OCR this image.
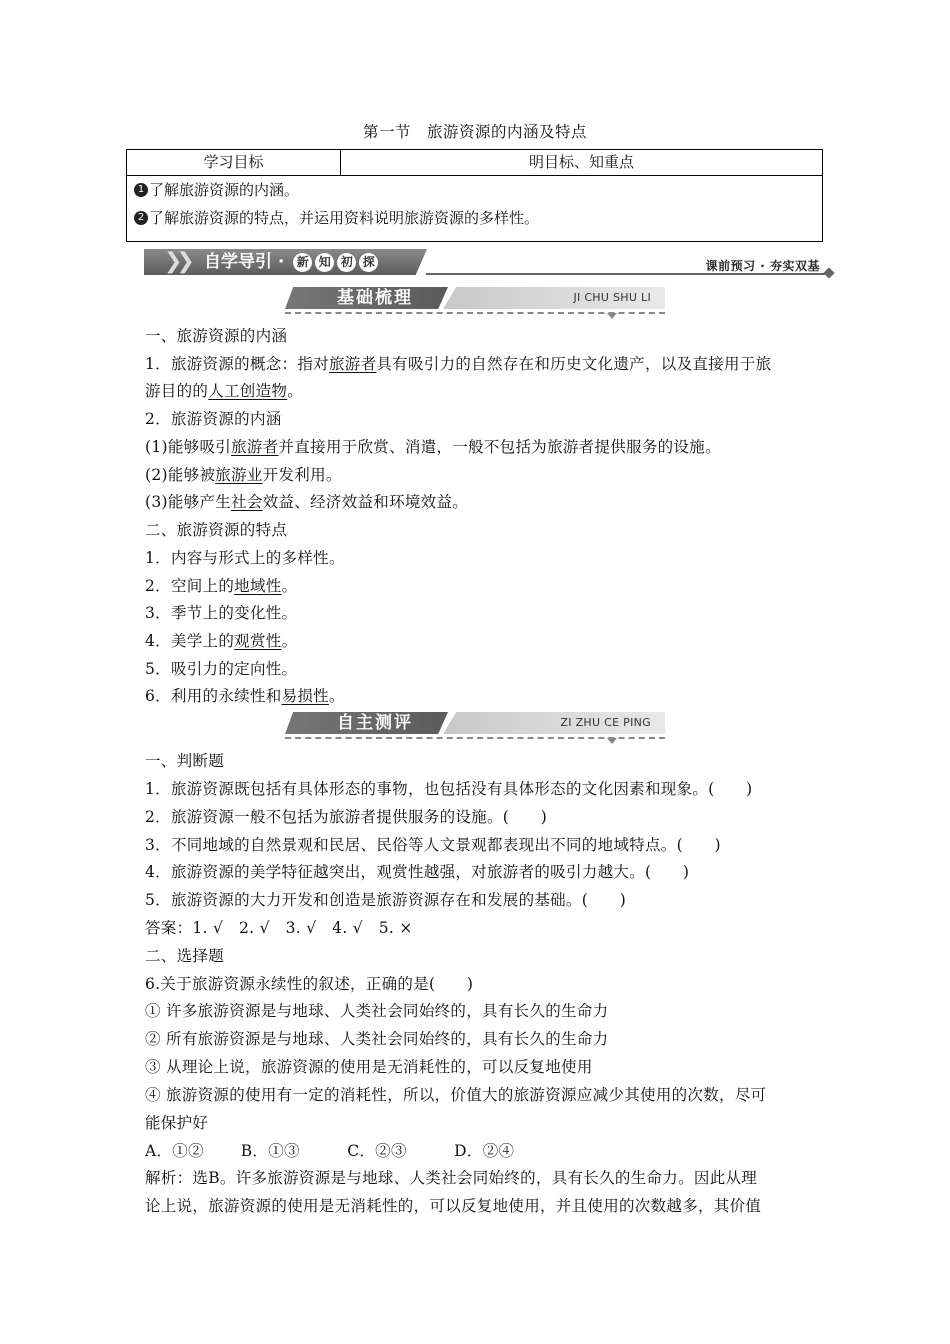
第一节　旅游资源的内涵及特点
学习目标	明目标、知重点
1 了解旅游资源的内涵。
2 了解旅游资源的特点，并运用资料说明旅游资源的多样性。
❯❯ 自学导引 · 新 知 初 探	课前预习 · 夯实双基
基础梳理	JI CHU SHU LI
一、旅游资源的内涵
1．旅游资源的概念：指对旅游者具有吸引力的自然存在和历史文化遗产，以及直接用于旅
游目的的人工创造物。
2．旅游资源的内涵
(1)能够吸引旅游者并直接用于欣赏、消遣，一般不包括为旅游者提供服务的设施。
(2)能够被旅游业开发利用。
(3)能够产生社会效益、经济效益和环境效益。
二、旅游资源的特点
1．内容与形式上的多样性。
2．空间上的地域性。
3．季节上的变化性。
4．美学上的观赏性。
5．吸引力的定向性。
6．利用的永续性和易损性。
自主测评	ZI ZHU CE PING
一、判断题
1．旅游资源既包括有具体形态的事物，也包括没有具体形态的文化因素和现象。(　　)
2．旅游资源一般不包括为旅游者提供服务的设施。(　　)
3．不同地域的自然景观和民居、民俗等人文景观都表现出不同的地域特点。(　　)
4．旅游资源的美学特征越突出，观赏性越强，对旅游者的吸引力越大。(　　)
5．旅游资源的大力开发和创造是旅游资源存在和发展的基础。(　　)
答案：1. √　2. √　3. √　4. √　5. ×
二、选择题
6.关于旅游资源永续性的叙述，正确的是(　　)
① 许多旅游资源是与地球、人类社会同始终的，具有长久的生命力
② 所有旅游资源是与地球、人类社会同始终的，具有长久的生命力
③ 从理论上说，旅游资源的使用是无消耗性的，可以反复地使用
④ 旅游资源的使用有一定的消耗性，所以，价值大的旅游资源应减少其使用的次数，尽可
能保护好
A．①②　　 B．①③　　　C．②③　　　D．②④
解析：选B。许多旅游资源是与地球、人类社会同始终的，具有长久的生命力。因此从理
论上说，旅游资源的使用是无消耗性的，可以反复地使用，并且使用的次数越多，其价值
